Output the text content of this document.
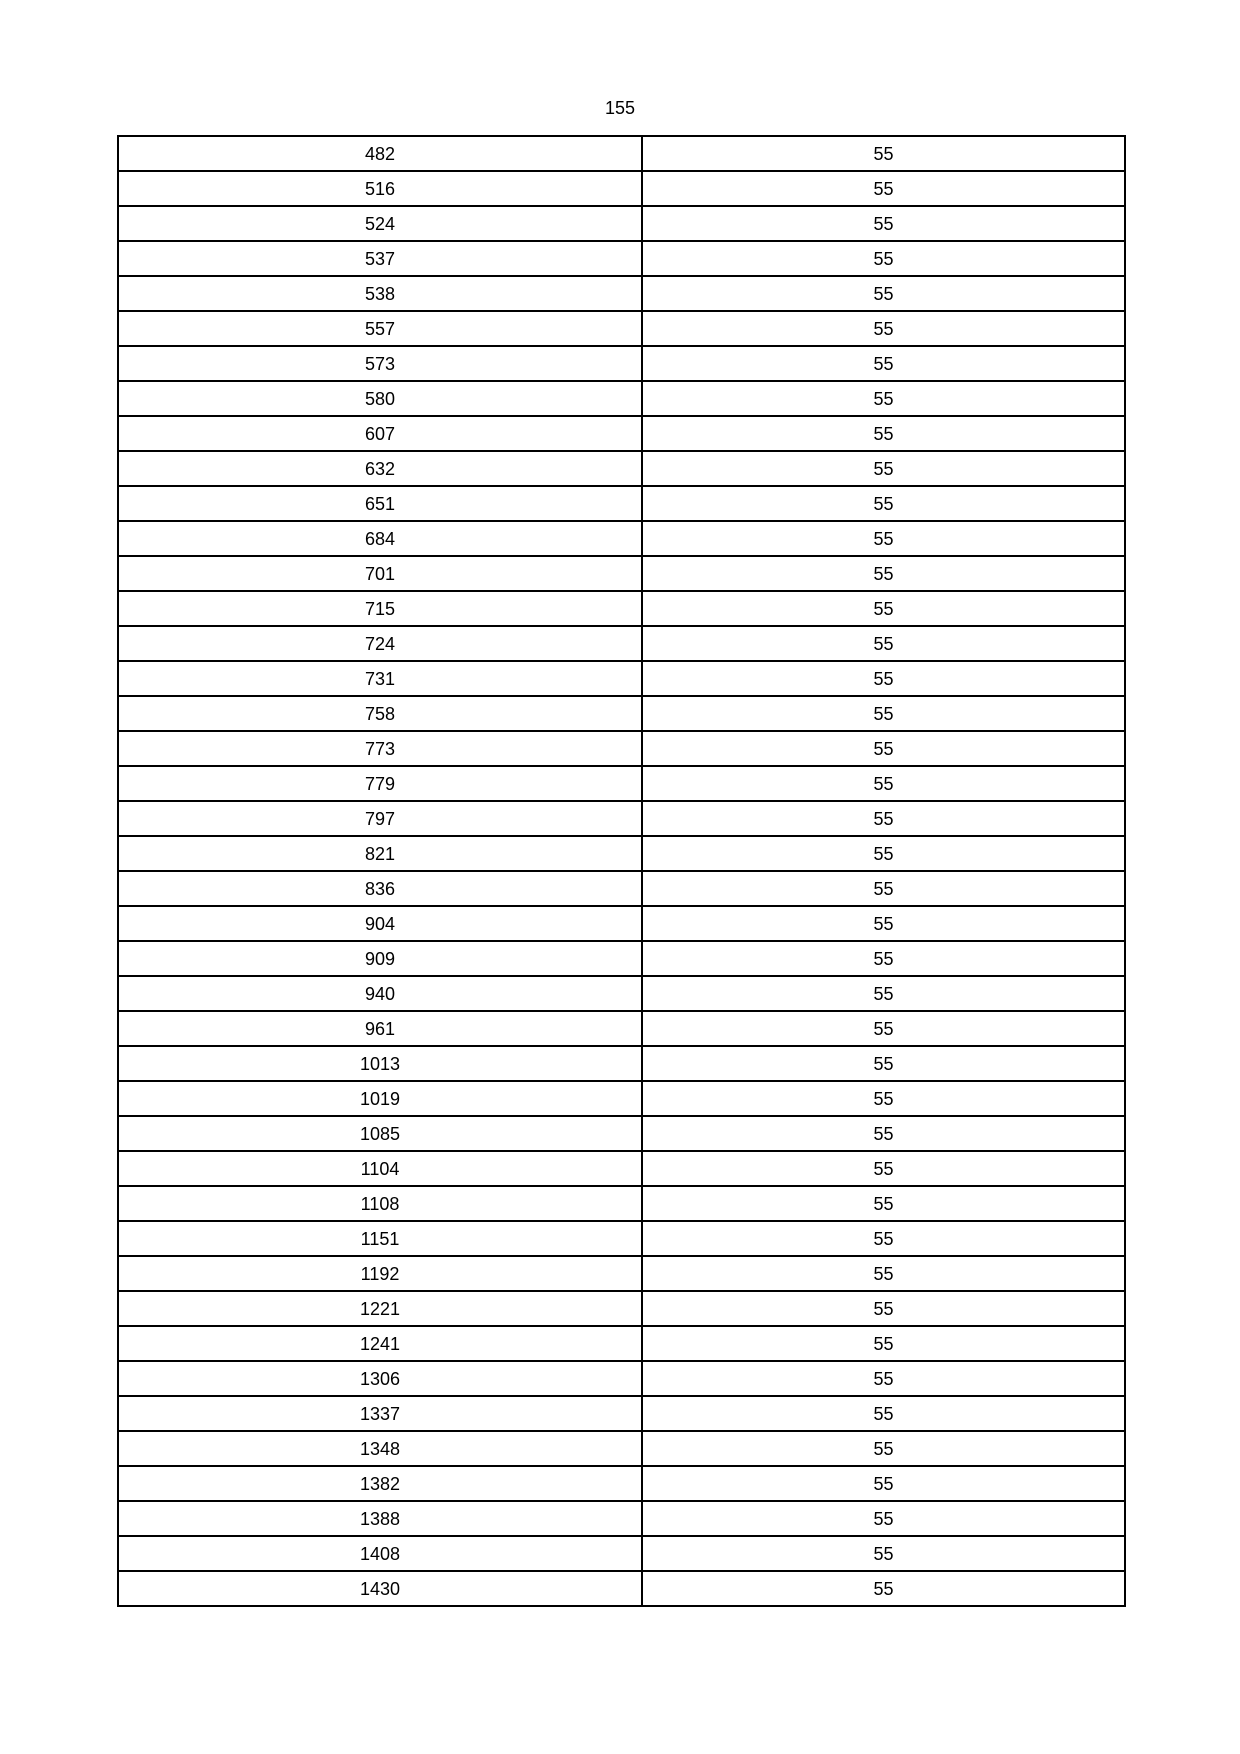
155
482	55
516	55
524	55
537	55
538	55
557	55
573	55
580	55
607	55
632	55
651	55
684	55
701	55
715	55
724	55
731	55
758	55
773	55
779	55
797	55
821	55
836	55
904	55
909	55
940	55
961	55
1013	55
1019	55
1085	55
1104	55
1108	55
1151	55
1192	55
1221	55
1241	55
1306	55
1337	55
1348	55
1382	55
1388	55
1408	55
1430	55
